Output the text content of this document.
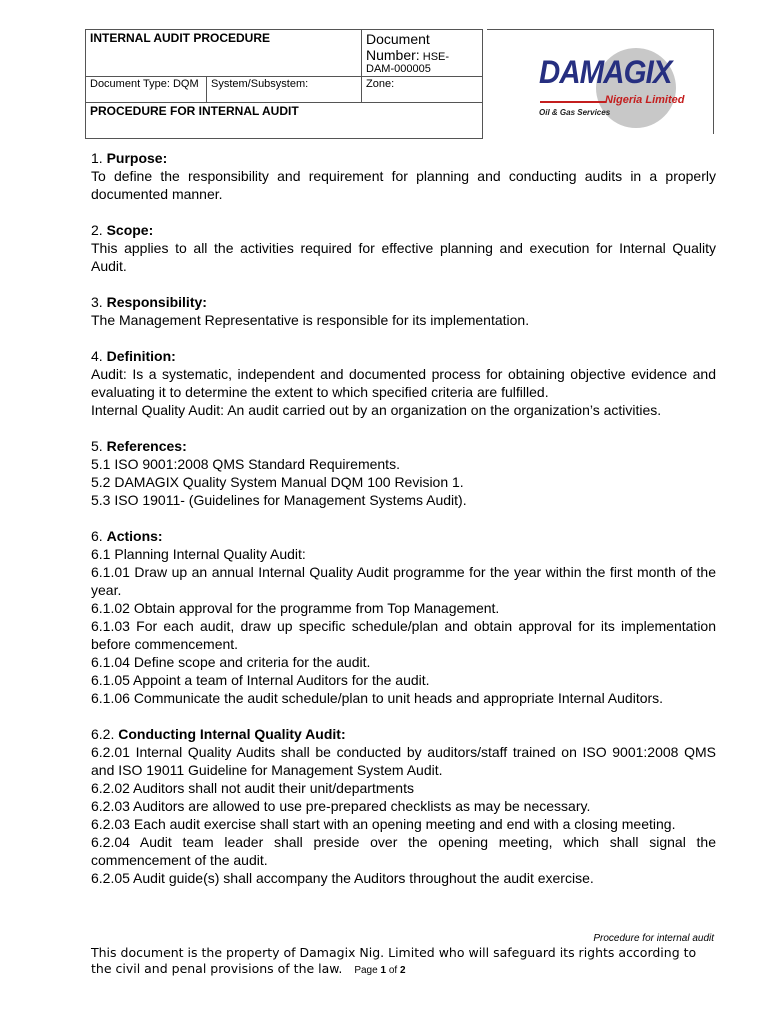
INTERNAL AUDIT PROCEDURE		Document Number: HSE-
DAM-000005
Document Type: DQM	System/Subsystem:	Zone:
PROCEDURE FOR INTERNAL AUDIT		
DAMAGIX
Nigeria Limited
Oil & Gas Services

1. Purpose:

To define the responsibility and requirement for planning and conducting audits in a properly documented manner.

2. Scope:

This applies to all the activities required for effective planning and execution for Internal Quality Audit.

3. Responsibility:

The Management Representative is responsible for its implementation.

4. Definition:

Audit: Is a systematic, independent and documented process for obtaining objective evidence and evaluating it to determine the extent to which specified criteria are fulfilled.

Internal Quality Audit: An audit carried out by an organization on the organization’s activities.

5. References:

5.1 ISO 9001:2008 QMS Standard Requirements.

5.2 DAMAGIX Quality System Manual DQM 100 Revision 1.

5.3 ISO 19011- (Guidelines for Management Systems Audit).

6. Actions:

6.1 Planning Internal Quality Audit:

6.1.01 Draw up an annual Internal Quality Audit programme for the year within the first month of the year.

6.1.02 Obtain approval for the programme from Top Management.

6.1.03 For each audit, draw up specific schedule/plan and obtain approval for its implementation before commencement.

6.1.04 Define scope and criteria for the audit.

6.1.05 Appoint a team of Internal Auditors for the audit.

6.1.06 Communicate the audit schedule/plan to unit heads and appropriate Internal Auditors.

6.2. Conducting Internal Quality Audit:

6.2.01 Internal Quality Audits shall be conducted by auditors/staff trained on ISO 9001:2008 QMS and ISO 19011 Guideline for Management System Audit.

6.2.02 Auditors shall not audit their unit/departments

6.2.03 Auditors are allowed to use pre-prepared checklists as may be necessary.

6.2.03 Each audit exercise shall start with an opening meeting and end with a closing meeting.

6.2.04 Audit team leader shall preside over the opening meeting, which shall signal the commencement of the audit.

6.2.05 Audit guide(s) shall accompany the Auditors throughout the audit exercise.

Procedure for internal audit
This document is the property of Damagix Nig. Limited who will safeguard its rights according to the civil and penal provisions of the law. Page 1 of 2
